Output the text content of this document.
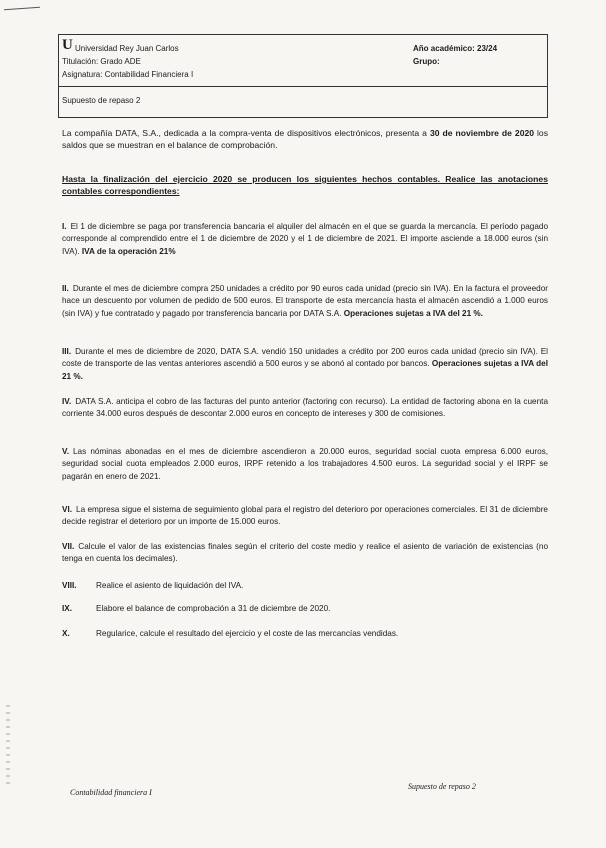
U Universidad Rey Juan Carlos
Titulación: Grado ADE
Asignatura: Contabilidad Financiera I
Año académico: 23/24
Grupo:
Supuesto de repaso 2
La compañía DATA, S.A., dedicada a la compra-venta de dispositivos electrónicos, presenta a 30 de noviembre de 2020 los saldos que se muestran en el balance de comprobación.
Hasta la finalización del ejercicio 2020 se producen los siguientes hechos contables. Realice las anotaciones contables correspondientes:
I. El 1 de diciembre se paga por transferencia bancaria el alquiler del almacén en el que se guarda la mercancía. El período pagado corresponde al comprendido entre el 1 de diciembre de 2020 y el 1 de diciembre de 2021. El importe asciende a 18.000 euros (sin IVA). IVA de la operación 21%
II. Durante el mes de diciembre compra 250 unidades a crédito por 90 euros cada unidad (precio sin IVA). En la factura el proveedor hace un descuento por volumen de pedido de 500 euros. El transporte de esta mercancía hasta el almacén ascendió a 1.000 euros (sin IVA) y fue contratado y pagado por transferencia bancaria por DATA S.A. Operaciones sujetas a IVA del 21 %.
III. Durante el mes de diciembre de 2020, DATA S.A. vendió 150 unidades a crédito por 200 euros cada unidad (precio sin IVA). El coste de transporte de las ventas anteriores ascendió a 500 euros y se abonó al contado por bancos. Operaciones sujetas a IVA del 21 %.
IV. DATA S.A. anticipa el cobro de las facturas del punto anterior (factoring con recurso). La entidad de factoring abona en la cuenta corriente 34.000 euros después de descontar 2.000 euros en concepto de intereses y 300 de comisiones.
V. Las nóminas abonadas en el mes de diciembre ascendieron a 20.000 euros, seguridad social cuota empresa 6.000 euros, seguridad social cuota empleados 2.000 euros, IRPF retenido a los trabajadores 4.500 euros. La seguridad social y el IRPF se pagarán en enero de 2021.
VI. La empresa sigue el sistema de seguimiento global para el registro del deterioro por operaciones comerciales. El 31 de diciembre decide registrar el deterioro por un importe de 15.000 euros.
VII. Calcule el valor de las existencias finales según el criterio del coste medio y realice el asiento de variación de existencias (no tenga en cuenta los decimales).
VIII. Realice el asiento de liquidación del IVA.
IX.	Elabore el balance de comprobación a 31 de diciembre de 2020.
X.	Regularice, calcule el resultado del ejercicio y el coste de las mercancías vendidas.
Contabilidad financiera I
Supuesto de repaso 2
